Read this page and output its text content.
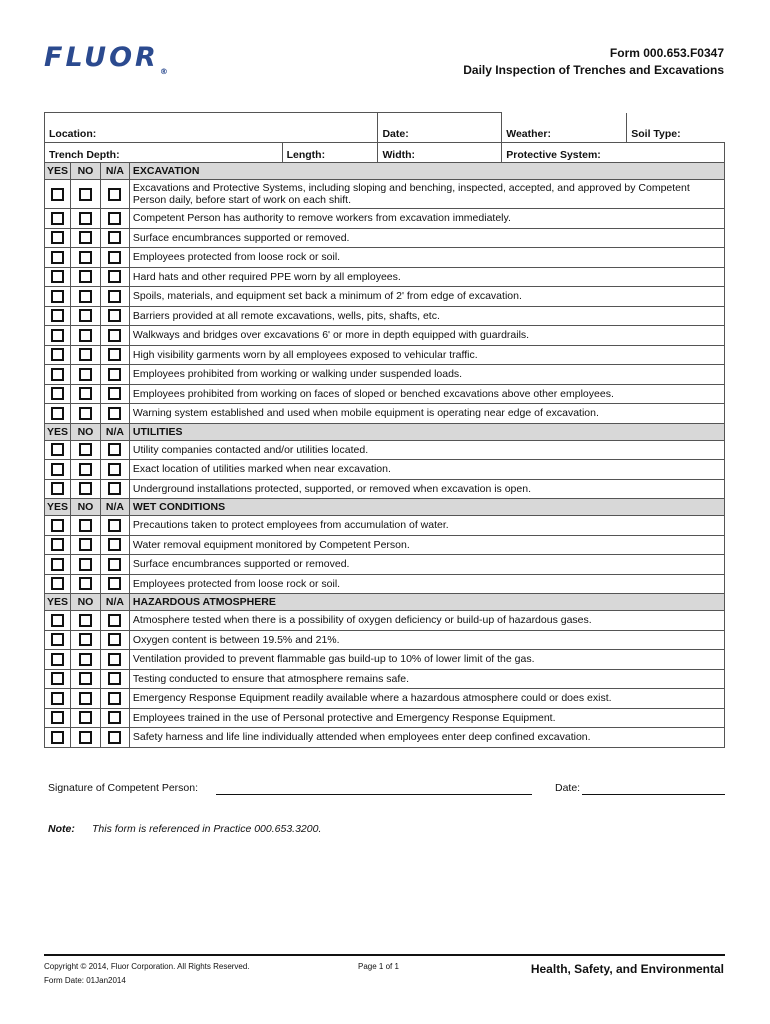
$FLUOR_®$
Form 000.653.F0347
Daily Inspection of Trenches and Excavations
Location:	Date:		Weather:	Soil Type:

Trench Depth:	Length:	Width:	Protective System:
YES	NO	N/A	EXCAVATION
			Excavations and Protective Systems, including sloping and benching, inspected, accepted, and approved by Competent Person daily, before start of work on each shift.
			Competent Person has authority to remove workers from excavation immediately.
			Surface encumbrances supported or removed.
			Employees protected from loose rock or soil.
			Hard hats and other required PPE worn by all employees.
			Spoils, materials, and equipment set back a minimum of 2' from edge of excavation.
			Barriers provided at all remote excavations, wells, pits, shafts, etc.
			Walkways and bridges over excavations 6' or more in depth equipped with guardrails.
			High visibility garments worn by all employees exposed to vehicular traffic.
			Employees prohibited from working or walking under suspended loads.
			Employees prohibited from working on faces of sloped or benched excavations above other employees.
			Warning system established and used when mobile equipment is operating near edge of excavation.
YES	NO	N/A	UTILITIES
			Utility companies contacted and/or utilities located.
			Exact location of utilities marked when near excavation.
			Underground installations protected, supported, or removed when excavation is open.
YES	NO	N/A	WET CONDITIONS
			Precautions taken to protect employees from accumulation of water.
			Water removal equipment monitored by Competent Person.
			Surface encumbrances supported or removed.
			Employees protected from loose rock or soil.
YES	NO	N/A	HAZARDOUS ATMOSPHERE
			Atmosphere tested when there is a possibility of oxygen deficiency or build-up of hazardous gases.
			Oxygen content is between 19.5% and 21%.
			Ventilation provided to prevent flammable gas build-up to 10% of lower limit of the gas.
			Testing conducted to ensure that atmosphere remains safe.
			Emergency Response Equipment readily available where a hazardous atmosphere could or does exist.
			Employees trained in the use of Personal protective and Emergency Response Equipment.
			Safety harness and life line individually attended when employees enter deep confined excavation.
Signature of Competent Person:	Date:
Note: This form is referenced in Practice 000.653.3200.
Copyright © 2014, Fluor Corporation. All Rights Reserved.
Form Date: 01Jan2014
Page 1 of 1	Health, Safety, and Environmental
